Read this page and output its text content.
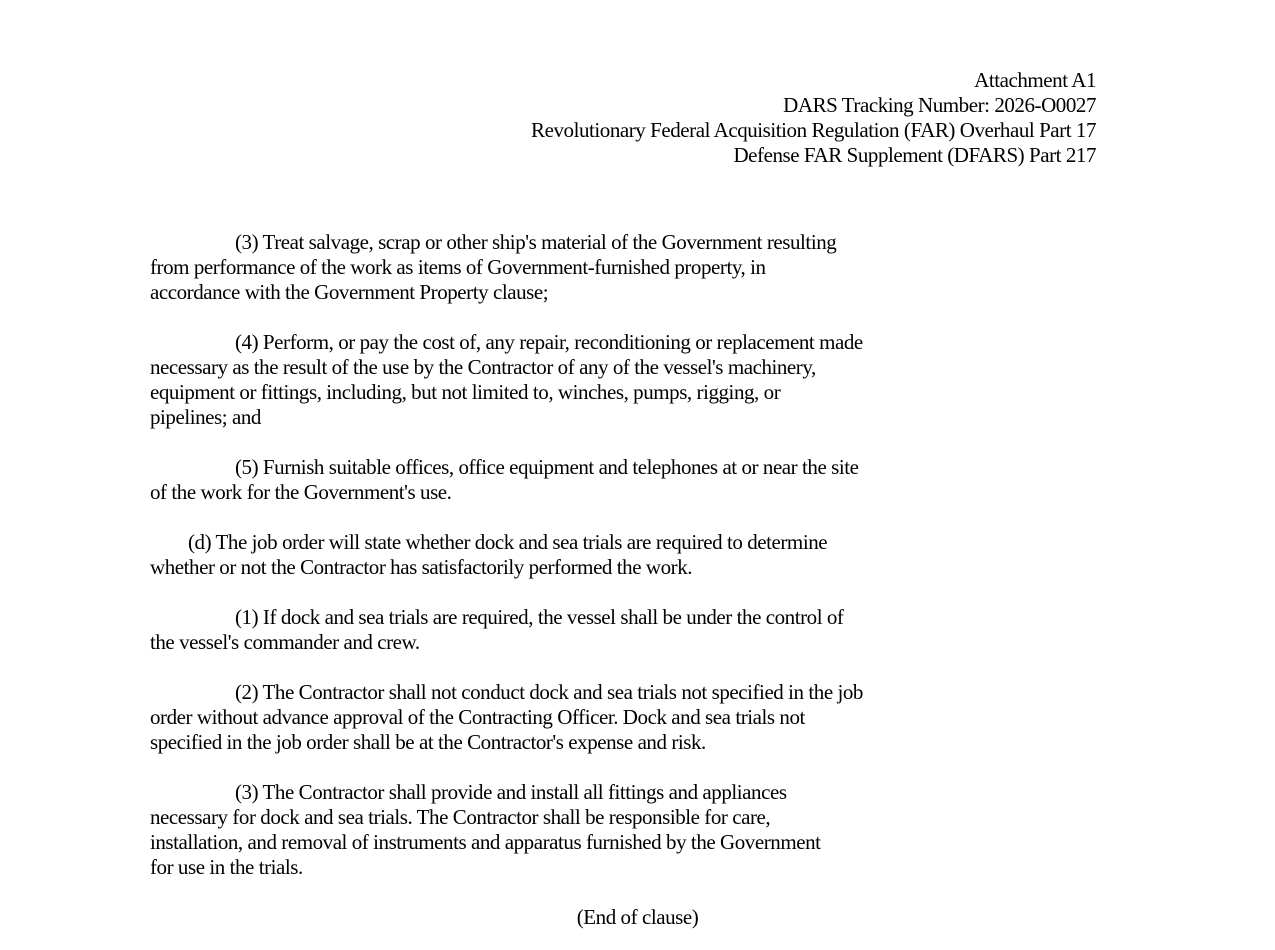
Attachment A1
DARS Tracking Number: 2026-O0027
Revolutionary Federal Acquisition Regulation (FAR) Overhaul Part 17
Defense FAR Supplement (DFARS) Part 217
(3) Treat salvage, scrap or other ship's material of the Government resulting
from performance of the work as items of Government-furnished property, in
accordance with the Government Property clause;
(4) Perform, or pay the cost of, any repair, reconditioning or replacement made
necessary as the result of the use by the Contractor of any of the vessel's machinery,
equipment or fittings, including, but not limited to, winches, pumps, rigging, or
pipelines; and
(5) Furnish suitable offices, office equipment and telephones at or near the site
of the work for the Government's use.
(d) The job order will state whether dock and sea trials are required to determine
whether or not the Contractor has satisfactorily performed the work.
(1) If dock and sea trials are required, the vessel shall be under the control of
the vessel's commander and crew.
(2) The Contractor shall not conduct dock and sea trials not specified in the job
order without advance approval of the Contracting Officer. Dock and sea trials not
specified in the job order shall be at the Contractor's expense and risk.
(3) The Contractor shall provide and install all fittings and appliances
necessary for dock and sea trials. The Contractor shall be responsible for care,
installation, and removal of instruments and apparatus furnished by the Government
for use in the trials.
(End of clause)
